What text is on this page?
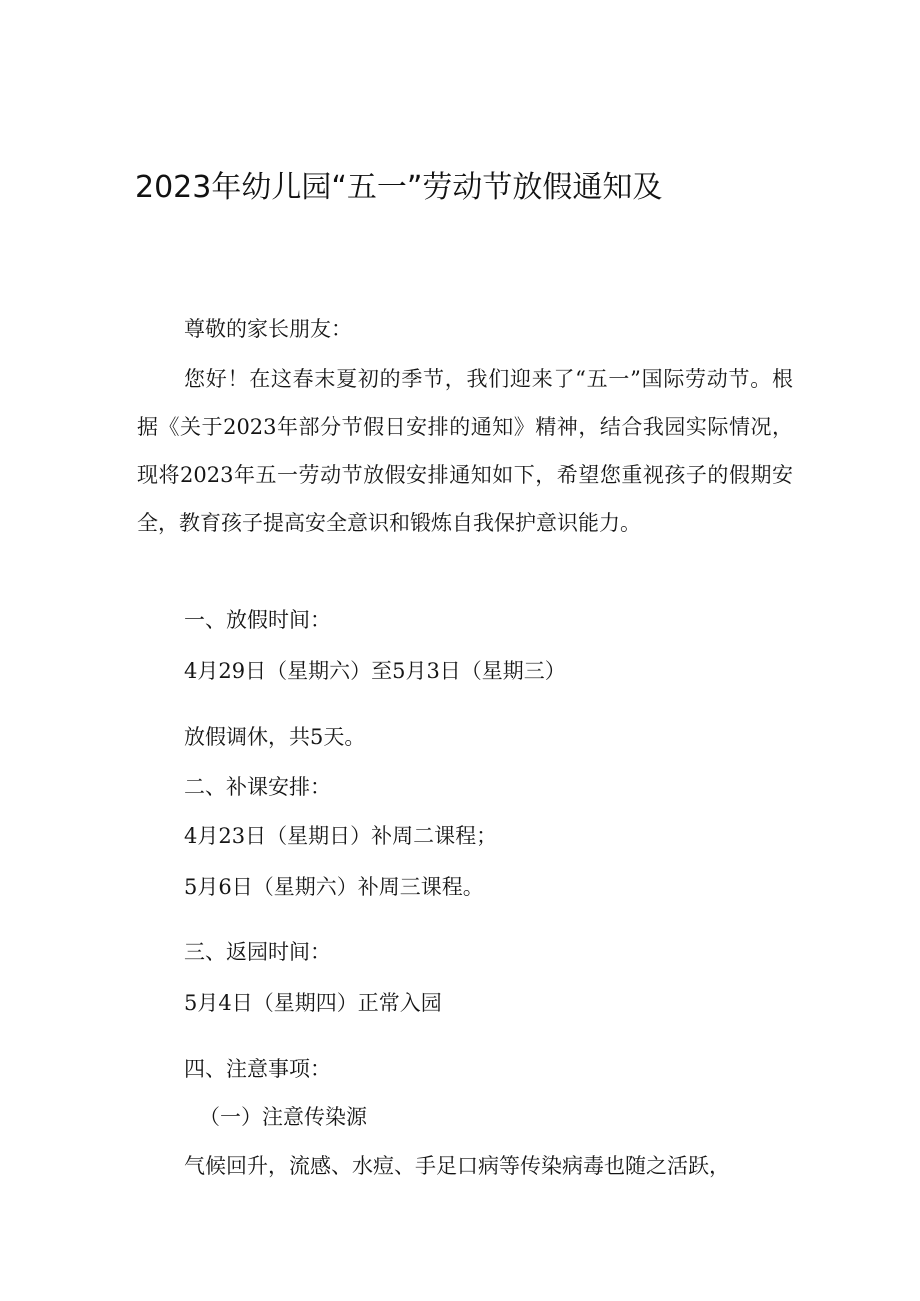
2023年幼儿园“五一”劳动节放假通知及
尊敬的家长朋友：
您好！在这春末夏初的季节，我们迎来了“五一”国际劳动节。根据《关于2023年部分节假日安排的通知》精神，结合我园实际情况，现将2023年五一劳动节放假安排通知如下，希望您重视孩子的假期安全，教育孩子提高安全意识和锻炼自我保护意识能力。
一、放假时间：
4月29日（星期六）至5月3日（星期三）
放假调休，共5天。
二、补课安排：
4月23日（星期日）补周二课程；
5月6日（星期六）补周三课程。
三、返园时间：
5月4日（星期四）正常入园
四、注意事项：
（一）注意传染源
气候回升，流感、水痘、手足口病等传染病毒也随之活跃，
